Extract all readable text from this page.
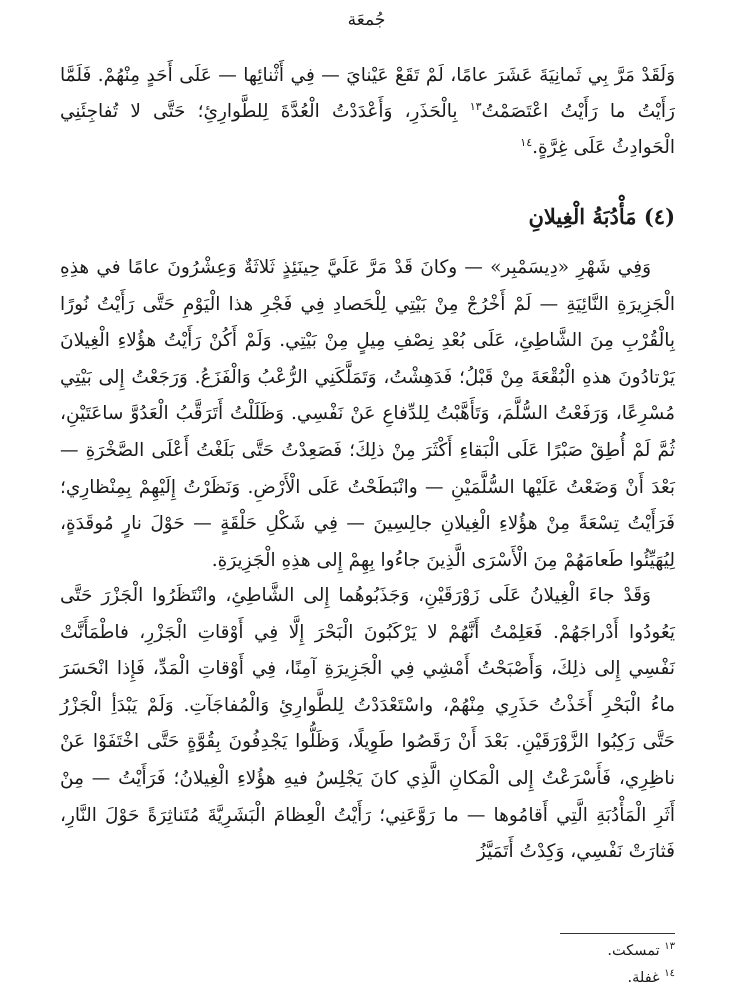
جُمعَة
وَلَقَدْ مَرَّ بِي ثَمانِيَةَ عَشَرَ عامًا، لَمْ تَقَعْ عَيْنايَ — فِي أَثْنائِها — عَلَى أَحَدٍ مِنْهُمْ. فَلَمَّا رَأَيْتُ ما رَأَيْتُ اعْتَصَمْتُ$^{١٣}$ بِالْحَذَرِ، وَأَعْدَدْتُ الْعُدَّةَ لِلطَّوارِئِ؛ حَتَّى لا تُفاجِئَنِي الْحَوادِثُ عَلَى غِرَّةٍ.$^{١٤}$
(٤) مَأْدُبَةُ الْغِيلانِ
وَفِي شَهْرِ «دِيسَمْبِر» — وكانَ قَدْ مَرَّ عَلَيَّ حِينَئِذٍ ثَلاثَةٌ وَعِشْرُونَ عامًا في هذِهِ الْجَزِيرَةِ النَّائِيَةِ — لَمْ أَخْرُجْ مِنْ بَيْتِي لِلْحَصادِ فِي فَجْرِ هذا الْيَوْمِ حَتَّى رَأَيْتُ نُورًا بِالْقُرْبِ مِنَ الشَّاطِئِ، عَلَى بُعْدِ نِصْفِ مِيلٍ مِنْ بَيْتِي. وَلَمْ أَكُنْ رَأَيْتُ هؤُلاءِ الْغِيلانَ يَرْتادُونَ هذهِ الْبُقْعَةَ مِنْ قَبْلُ؛ فَدَهِشْتُ، وَتَمَلَّكَنِي الرُّعْبُ وَالْفَزَعُ. وَرَجَعْتُ إِلى بَيْتِي مُسْرِعًا، وَرَفَعْتُ السُّلَّمَ، وَتَأَهَّبْتُ لِلدِّفاعِ عَنْ نَفْسِي. وَظَلَلْتُ أَتَرَقَّبُ الْعَدُوَّ ساعَتَيْنِ، ثُمَّ لَمْ أُطِقْ صَبْرًا عَلَى الْبَقاءِ أَكْثَرَ مِنْ ذلِكَ؛ فَصَعِدْتُ حَتَّى بَلَغْتُ أَعْلَى الصَّخْرَةِ — بَعْدَ أَنْ وَضَعْتُ عَلَيْها السُّلَّمَيْنِ — وانْبَطَحْتُ عَلَى الْأَرْضِ. وَنَظَرْتُ إِلَيْهِمْ بِمِنْظارِي؛ فَرَأَيْتُ تِسْعَةً مِنْ هؤُلاءِ الْغِيلانِ جالِسِينَ — فِي شَكْلِ حَلْقَةٍ — حَوْلَ نارٍ مُوقَدَةٍ، لِيُهَيِّئُوا طَعامَهُمْ مِنَ الْأَسْرَى الَّذِينَ جاءُوا بِهِمْ إِلى هذِهِ الْجَزِيرَةِ.
وَقَدْ جاءَ الْغِيلانُ عَلَى زَوْرَقَيْنِ، وَجَذَبُوهُما إِلى الشَّاطِئِ، وانْتَظَرُوا الْجَزْرَ حَتَّى يَعُودُوا أَدْراجَهُمْ. فَعَلِمْتُ أَنَّهُمْ لا يَرْكَبُونَ الْبَحْرَ إِلَّا فِي أَوْقاتِ الْجَزْرِ، فاطْمَأَنَّتْ نَفْسِي إِلى ذلِكَ، وَأَصْبَحْتُ أَمْشِي فِي الْجَزِيرَةِ آمِنًا، فِي أَوْقاتِ الْمَدِّ، فَإِذا انْحَسَرَ ماءُ الْبَحْرِ أَخَذْتُ حَذَرِي مِنْهُمْ، واسْتَعْدَدْتُ لِلطَّوارِئِ وَالْمُفاجَآتِ. وَلَمْ يَبْدَأِ الْجَزْرُ حَتَّى رَكِبُوا الزَّوْرَقَيْنِ. بَعْدَ أَنْ رَقَصُوا طَوِيلًا، وَظَلُّوا يَجْدِفُونَ بِقُوَّةٍ حَتَّى اخْتَفَوْا عَنْ ناظِرِي، فَأَسْرَعْتُ إِلى الْمَكانِ الَّذِي كانَ يَجْلِسُ فيهِ هؤُلاءِ الْغِيلانُ؛ فَرَأَيْتُ — مِنْ أَثَرِ الْمَأْدُبَةِ الَّتِي أَقامُوها — ما رَوَّعَنِي؛ رَأَيْتُ الْعِظامَ الْبَشَرِيَّةَ مُتَناثِرَةً حَوْلَ النَّارِ، فَثارَتْ نَفْسِي، وَكِدْتُ أَتَمَيَّزُ
$^{١٣}$ تمسكت.
$^{١٤}$ غفلة.
